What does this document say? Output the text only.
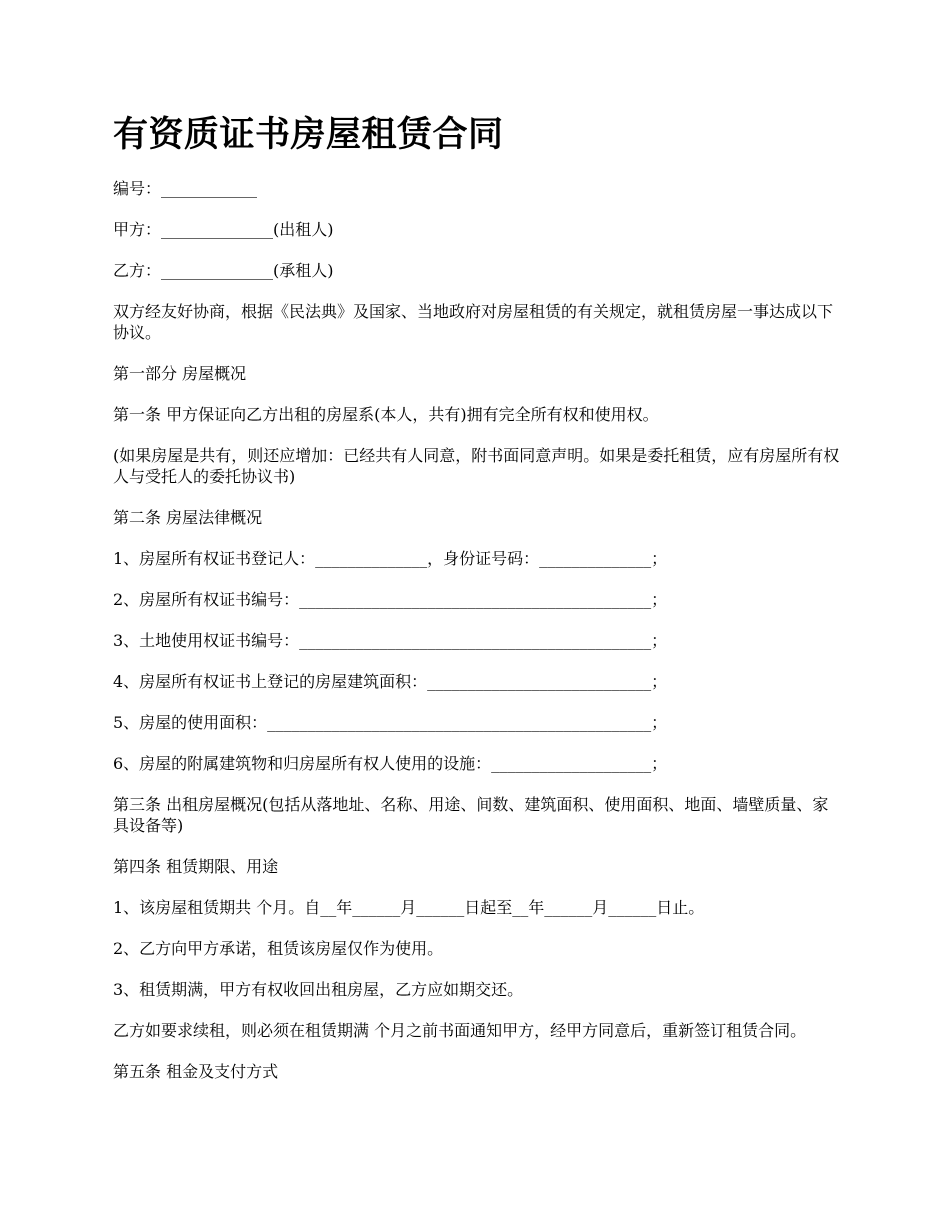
有资质证书房屋租赁合同

编号：____________

甲方：______________(出租人)

乙方：______________(承租人)

双方经友好协商，根据《民法典》及国家、当地政府对房屋租赁的有关规定，就租赁房屋一事达成以下协议。

第一部分 房屋概况

第一条 甲方保证向乙方出租的房屋系(本人，共有)拥有完全所有权和使用权。

(如果房屋是共有，则还应增加：已经共有人同意，附书面同意声明。如果是委托租赁，应有房屋所有权人与受托人的委托协议书)

第二条 房屋法律概况

1、房屋所有权证书登记人：______________，身份证号码：______________；

2、房屋所有权证书编号：____________________________________________；

3、土地使用权证书编号：____________________________________________；

4、房屋所有权证书上登记的房屋建筑面积：____________________________；

5、房屋的使用面积：________________________________________________；

6、房屋的附属建筑物和归房屋所有权人使用的设施：____________________；

第三条 出租房屋概况(包括从落地址、名称、用途、间数、建筑面积、使用面积、地面、墙壁质量、家具设备等)

第四条 租赁期限、用途

1、该房屋租赁期共 个月。自__年______月______日起至__年______月______日止。

2、乙方向甲方承诺，租赁该房屋仅作为使用。

3、租赁期满，甲方有权收回出租房屋，乙方应如期交还。

乙方如要求续租，则必须在租赁期满 个月之前书面通知甲方，经甲方同意后，重新签订租赁合同。

第五条 租金及支付方式
